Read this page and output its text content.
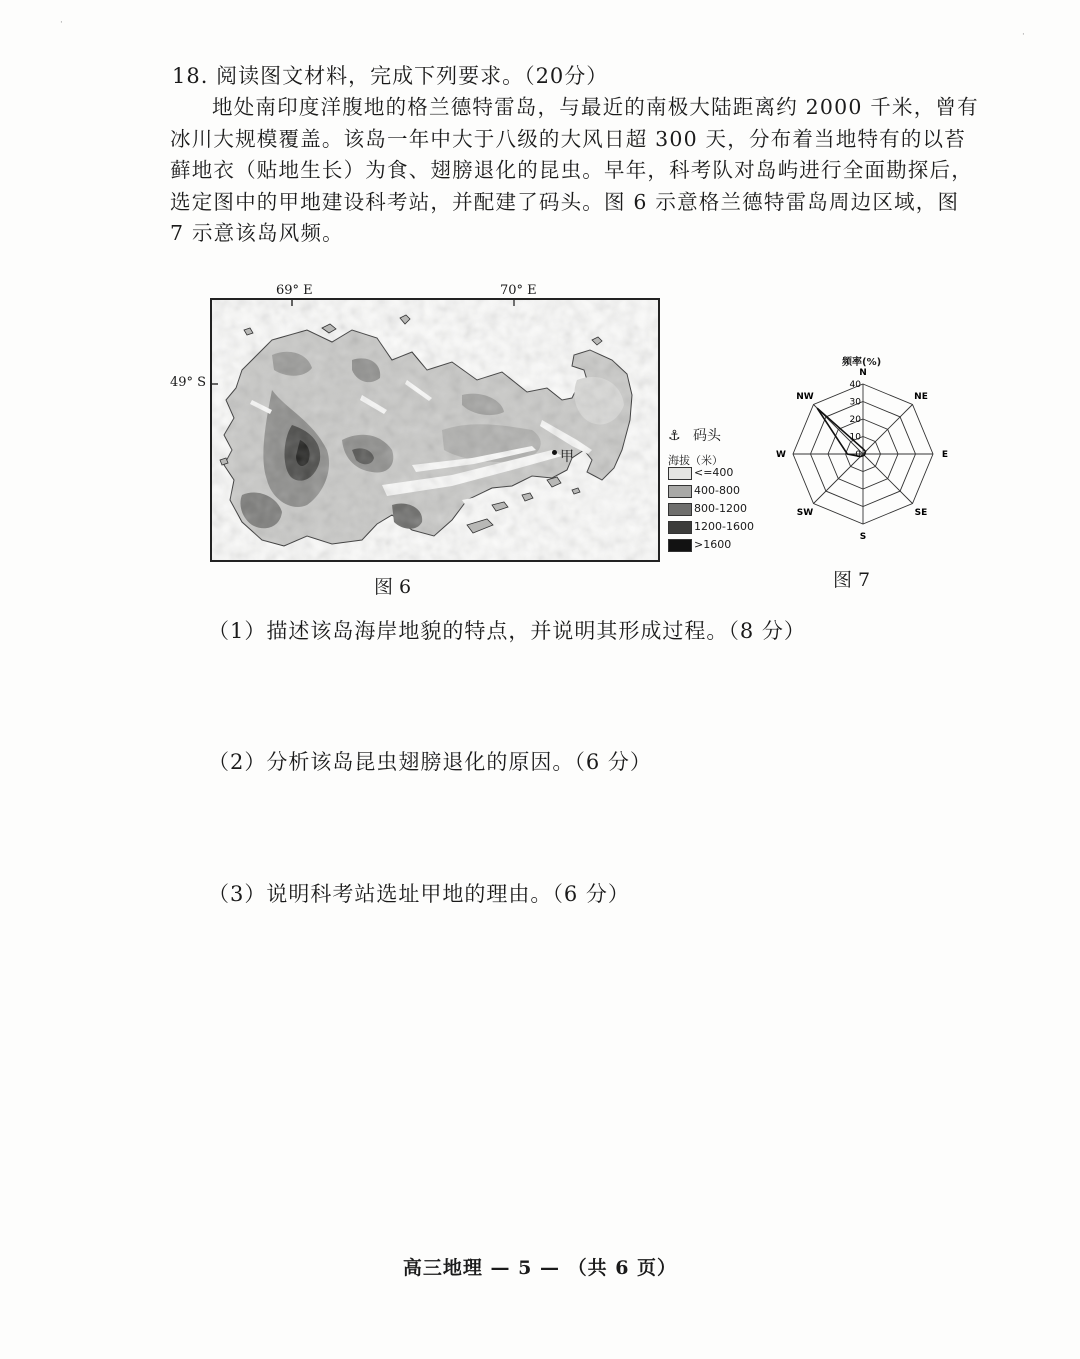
·
·
18. 阅读图文材料，完成下列要求。（20分）
地处南印度洋腹地的格兰德特雷岛，与最近的南极大陆距离约 2000 千米，曾有冰川大规模覆盖。该岛一年中大于八级的大风日超 300 天，分布着当地特有的以苔藓地衣（贴地生长）为食、翅膀退化的昆虫。早年，科考队对岛屿进行全面勘探后，选定图中的甲地建设科考站，并配建了码头。图 6 示意格兰德特雷岛周边区域，图 7 示意该岛风频。
69° E	70° E
49° S
甲
⚓ 码头
海拔（米）
<=400
400-800
800-1200
1200-1600
>1600
图 6
频率(%)
N
NE
E
SE
S
SW
W
NW
0
10
20
30
40
图 7
（1）描述该岛海岸地貌的特点，并说明其形成过程。（8 分）
（2）分析该岛昆虫翅膀退化的原因。（6 分）
（3）说明科考站选址甲地的理由。（6 分）
高三地理 — 5 — （共 6 页）
